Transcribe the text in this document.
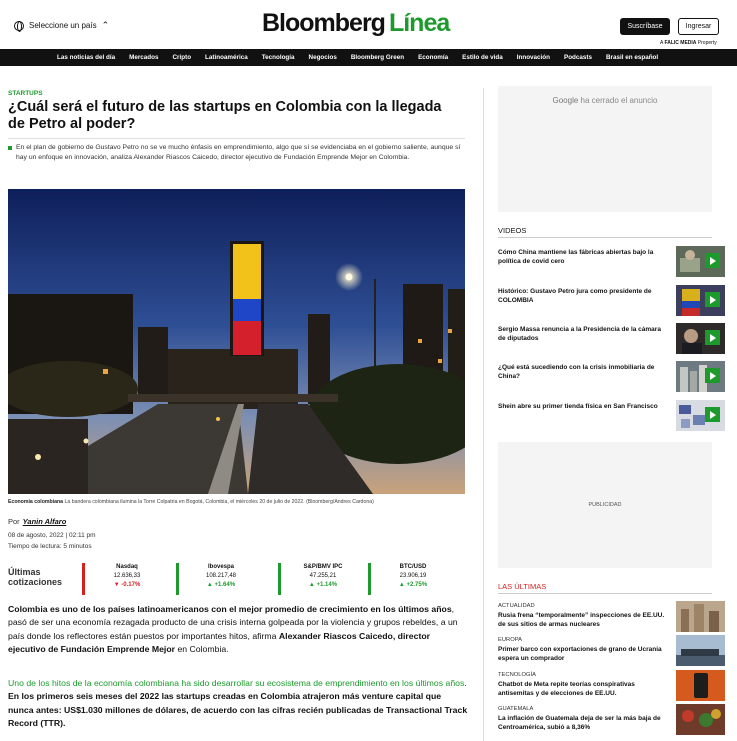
Seleccione un país ⌃	Bloomberg Línea	Suscríbase	Ingresar
A FALIC MEDIA Property
Las noticias del día Mercados Cripto Latinoamérica Tecnología Negocios Bloomberg Green Economía Estilo de vida Innovación Podcasts Brasil en español
STARTUPS
¿Cuál será el futuro de las startups en Colombia con la llegada de Petro al poder?

En el plan de gobierno de Gustavo Petro no se ve mucho énfasis en emprendimiento, algo que sí se evidenciaba en el gobierno saliente, aunque sí hay un enfoque en innovación, analiza Alexander Riascos Caicedo, director ejecutivo de Fundación Emprende Mejor en Colombia.

Economía colombiana La bandera colombiana ilumina la Torre Colpatria en Bogotá, Colombia, el miércoles 20 de julio de 2022. (Bloomberg/Andres Cardona)
Por Yanin Alfaro
08 de agosto, 2022 | 02:11 pm
Tiempo de lectura: 5 minutos
Últimas
cotizaciones
Nasdaq
12.636,33
▼ -0.17%
Ibovespa
108.217,48
▲ +1.64%
S&P/BMV IPC
47.255,21
▲ +1.14%
BTC/USD
23.906,19
▲ +2.75%

Colombia es uno de los países latinoamericanos con el mejor promedio de crecimiento en los últimos años, pasó de ser una economía rezagada producto de una crisis interna golpeada por la violencia y grupos rebeldes, a un país donde los reflectores están puestos por importantes hitos, afirma Alexander Riascos Caicedo, director ejecutivo de Fundación Emprende Mejor en Colombia.

Uno de los hitos de la economía colombiana ha sido desarrollar su ecosistema de emprendimiento en los últimos años. En los primeros seis meses del 2022 las startups creadas en Colombia atrajeron más venture capital que nunca antes: US$1.030 millones de dólares, de acuerdo con las cifras recién publicadas de Transactional Track Record (TTR).

Google ha cerrado el anuncio
VIDEOS
Cómo China mantiene las fábricas abiertas bajo la política de covid cero
Histórico: Gustavo Petro jura como presidente de COLOMBIA
Sergio Massa renuncia a la Presidencia de la cámara de diputados
¿Qué está sucediendo con la crisis inmobiliaria de China?
Shein abre su primer tienda física en San Francisco
PUBLICIDAD
LAS ÚLTIMAS
ACTUALIDAD
Rusia frena “temporalmente” inspecciones de EE.UU. de sus sitios de armas nucleares
EUROPA
Primer barco con exportaciones de grano de Ucrania espera un comprador
TECNOLOGÍA
Chatbot de Meta repite teorías conspirativas antisemitas y de elecciones de EE.UU.
GUATEMALA
La inflación de Guatemala deja de ser la más baja de Centroamérica, subió a 8,36%
